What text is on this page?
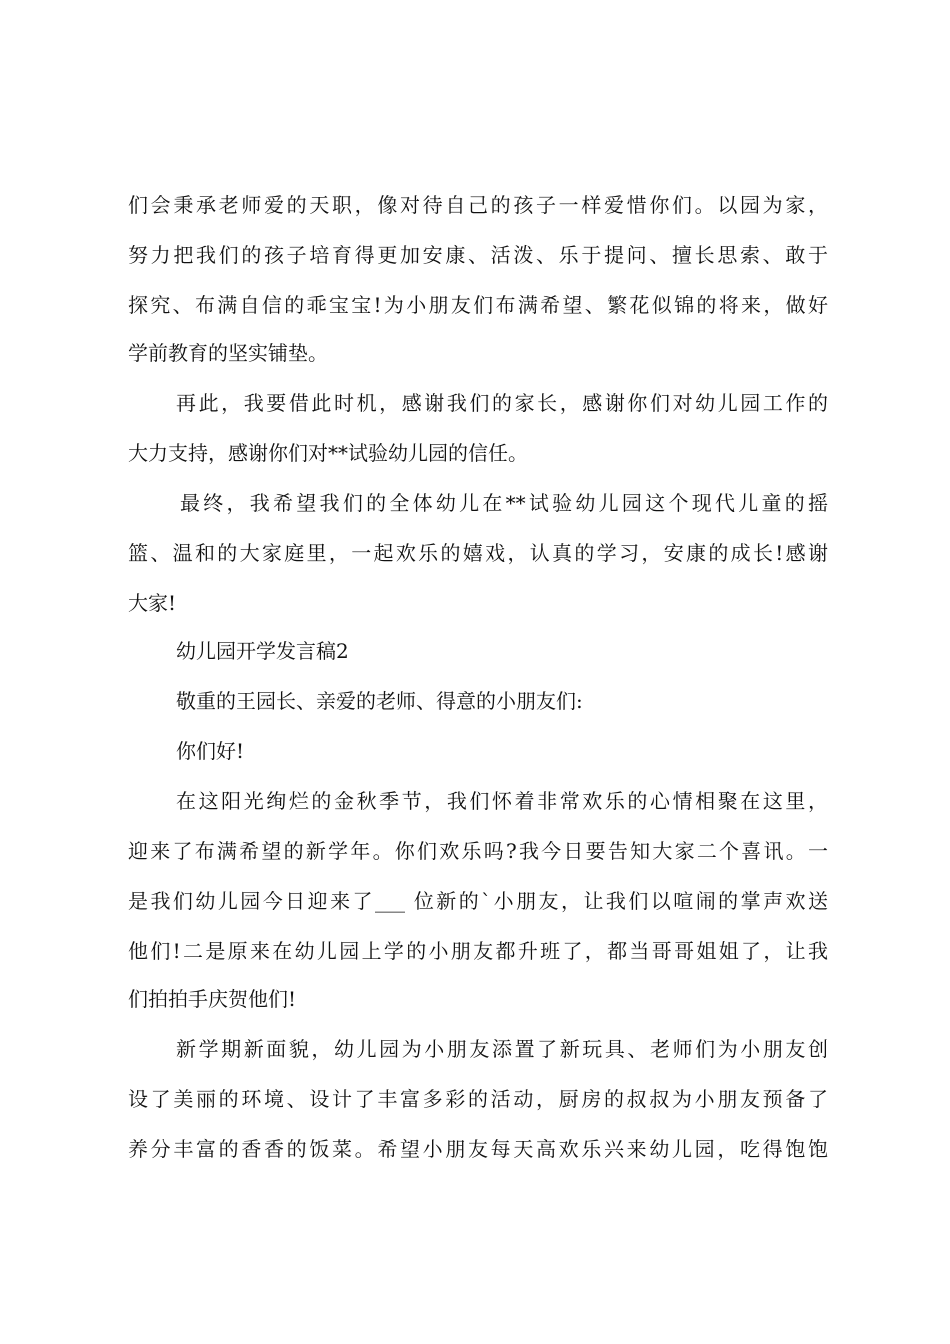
们会秉承老师爱的天职，像对待自己的孩子一样爱惜你们。以园为家，
努力把我们的孩子培育得更加安康、活泼、乐于提问、擅长思索、敢于
探究、布满自信的乖宝宝!为小朋友们布满希望、繁花似锦的将来，做好
学前教育的坚实铺垫。
再此，我要借此时机，感谢我们的家长，感谢你们对幼儿园工作的
大力支持，感谢你们对**试验幼儿园的信任。
最终，我希望我们的全体幼儿在**试验幼儿园这个现代儿童的摇
篮、温和的大家庭里，一起欢乐的嬉戏，认真的学习，安康的成长!感谢
大家!
幼儿园开学发言稿2
敬重的王园长、亲爱的老师、得意的小朋友们:
你们好!
在这阳光绚烂的金秋季节，我们怀着非常欢乐的心情相聚在这里，
迎来了布满希望的新学年。你们欢乐吗?我今日要告知大家二个喜讯。一
是我们幼儿园今日迎来了___ 位新的`小朋友，让我们以喧闹的掌声欢送
他们!二是原来在幼儿园上学的小朋友都升班了，都当哥哥姐姐了，让我
们拍拍手庆贺他们!
新学期新面貌，幼儿园为小朋友添置了新玩具、老师们为小朋友创
设了美丽的环境、设计了丰富多彩的活动，厨房的叔叔为小朋友预备了
养分丰富的香香的饭菜。希望小朋友每天高欢乐兴来幼儿园，吃得饱饱
